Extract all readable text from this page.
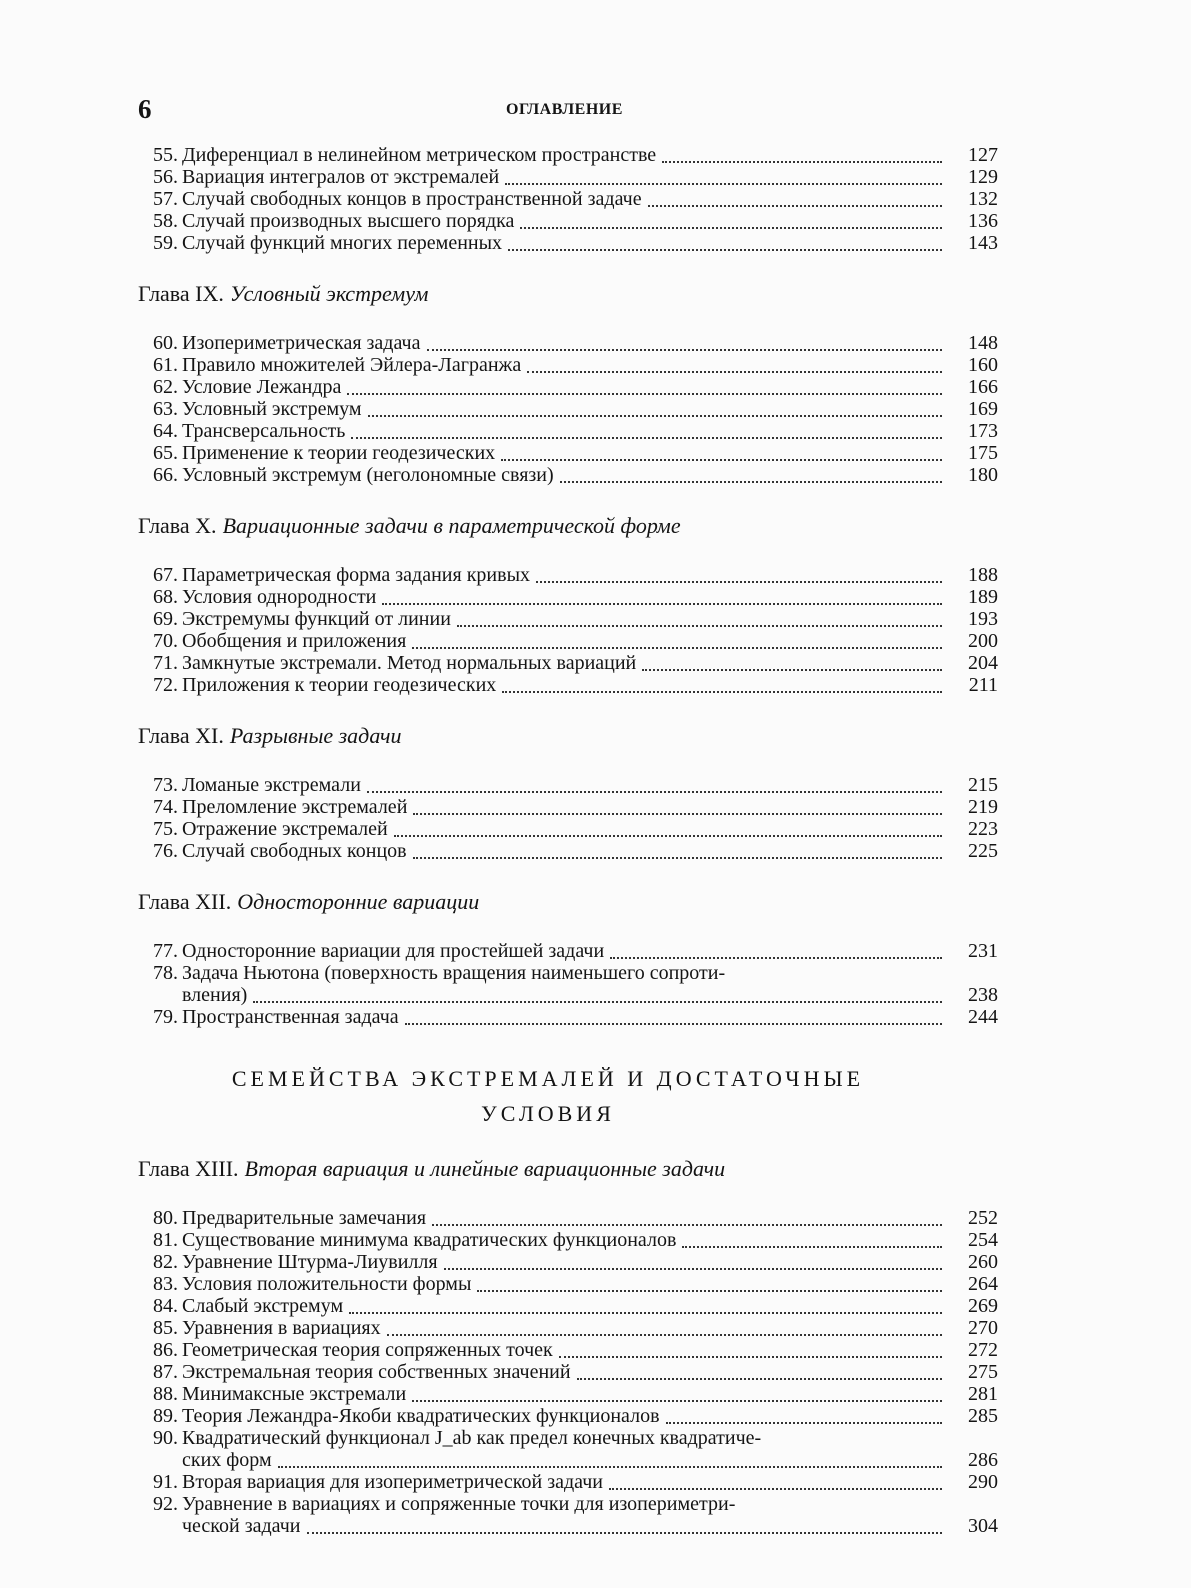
6	ОГЛАВЛЕНИЕ
55. Диференциал в нелинейном метрическом пространстве	127
56. Вариация интегралов от экстремалей	129
57. Случай свободных концов в пространственной задаче	132
58. Случай производных высшего порядка	136
59. Случай функций многих переменных	143
Глава IX. Условный экстремум
60. Изопериметрическая задача	148
61. Правило множителей Эйлера-Лагранжа	160
62. Условие Лежандра	166
63. Условный экстремум	169
64. Трансверсальность	173
65. Применение к теории геодезических	175
66. Условный экстремум (неголономные связи)	180
Глава X. Вариационные задачи в параметрической форме
67. Параметрическая форма задания кривых	188
68. Условия однородности	189
69. Экстремумы функций от линии	193
70. Обобщения и приложения	200
71. Замкнутые экстремали. Метод нормальных вариаций	204
72. Приложения к теории геодезических	211
Глава XI. Разрывные задачи
73. Ломаные экстремали	215
74. Преломление экстремалей	219
75. Отражение экстремалей	223
76. Случай свободных концов	225
Глава XII. Односторонние вариации
77. Односторонние вариации для простейшей задачи	231
78. Задача Ньютона (поверхность вращения наименьшего сопроти-
вления)	238
79. Пространственная задача	244
СЕМЕЙСТВА ЭКСТРЕМАЛЕЙ И ДОСТАТОЧНЫЕ
УСЛОВИЯ
Глава XIII. Вторая вариация и линейные вариационные задачи
80. Предварительные замечания	252
81. Существование минимума квадратических функционалов	254
82. Уравнение Штурма-Лиувилля	260
83. Условия положительности формы	264
84. Слабый экстремум	269
85. Уравнения в вариациях	270
86. Геометрическая теория сопряженных точек	272
87. Экстремальная теория собственных значений	275
88. Минимаксные экстремали	281
89. Теория Лежандра-Якоби квадратических функционалов	285
90. Квадратический функционал J_ab как предел конечных квадратиче-
ских форм	286
91. Вторая вариация для изопериметрической задачи	290
92. Уравнение в вариациях и сопряженные точки для изопериметри-
ческой задачи	304
